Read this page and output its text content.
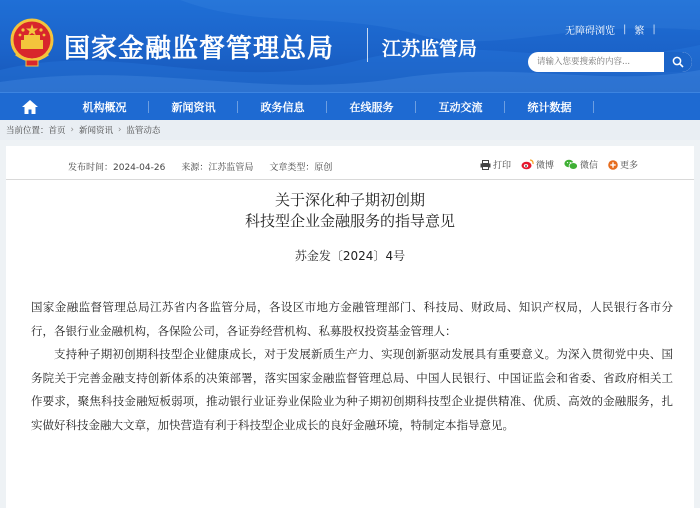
国家金融监督管理总局	江苏监管局
无障碍浏览 | 繁 |
请输入您要搜索的内容...
机构概况	新闻资讯	政务信息	在线服务	互动交流	统计数据
当前位置： 首页 › 新闻资讯 › 监管动态
发布时间：2024-04-26 来源：江苏监管局 文章类型：原创	打印	微博	微信 更多
关于深化种子期初创期
科技型企业金融服务的指导意见
苏金发〔2024〕4号

国家金融监督管理总局江苏省内各监管分局，各设区市地方金融管理部门、科技局、财政局、知识产权局，人民银行各市分行，各银行业金融机构，各保险公司，各证券经营机构、私募股权投资基金管理人：

支持种子期初创期科技型企业健康成长，对于发展新质生产力、实现创新驱动发展具有重要意义。为深入贯彻党中央、国务院关于完善金融支持创新体系的决策部署，落实国家金融监督管理总局、中国人民银行、中国证监会和省委、省政府相关工作要求，聚焦科技金融短板弱项，推动银行业证券业保险业为种子期初创期科技型企业提供精准、优质、高效的金融服务，扎实做好科技金融大文章，加快营造有利于科技型企业成长的良好金融环境，特制定本指导意见。
